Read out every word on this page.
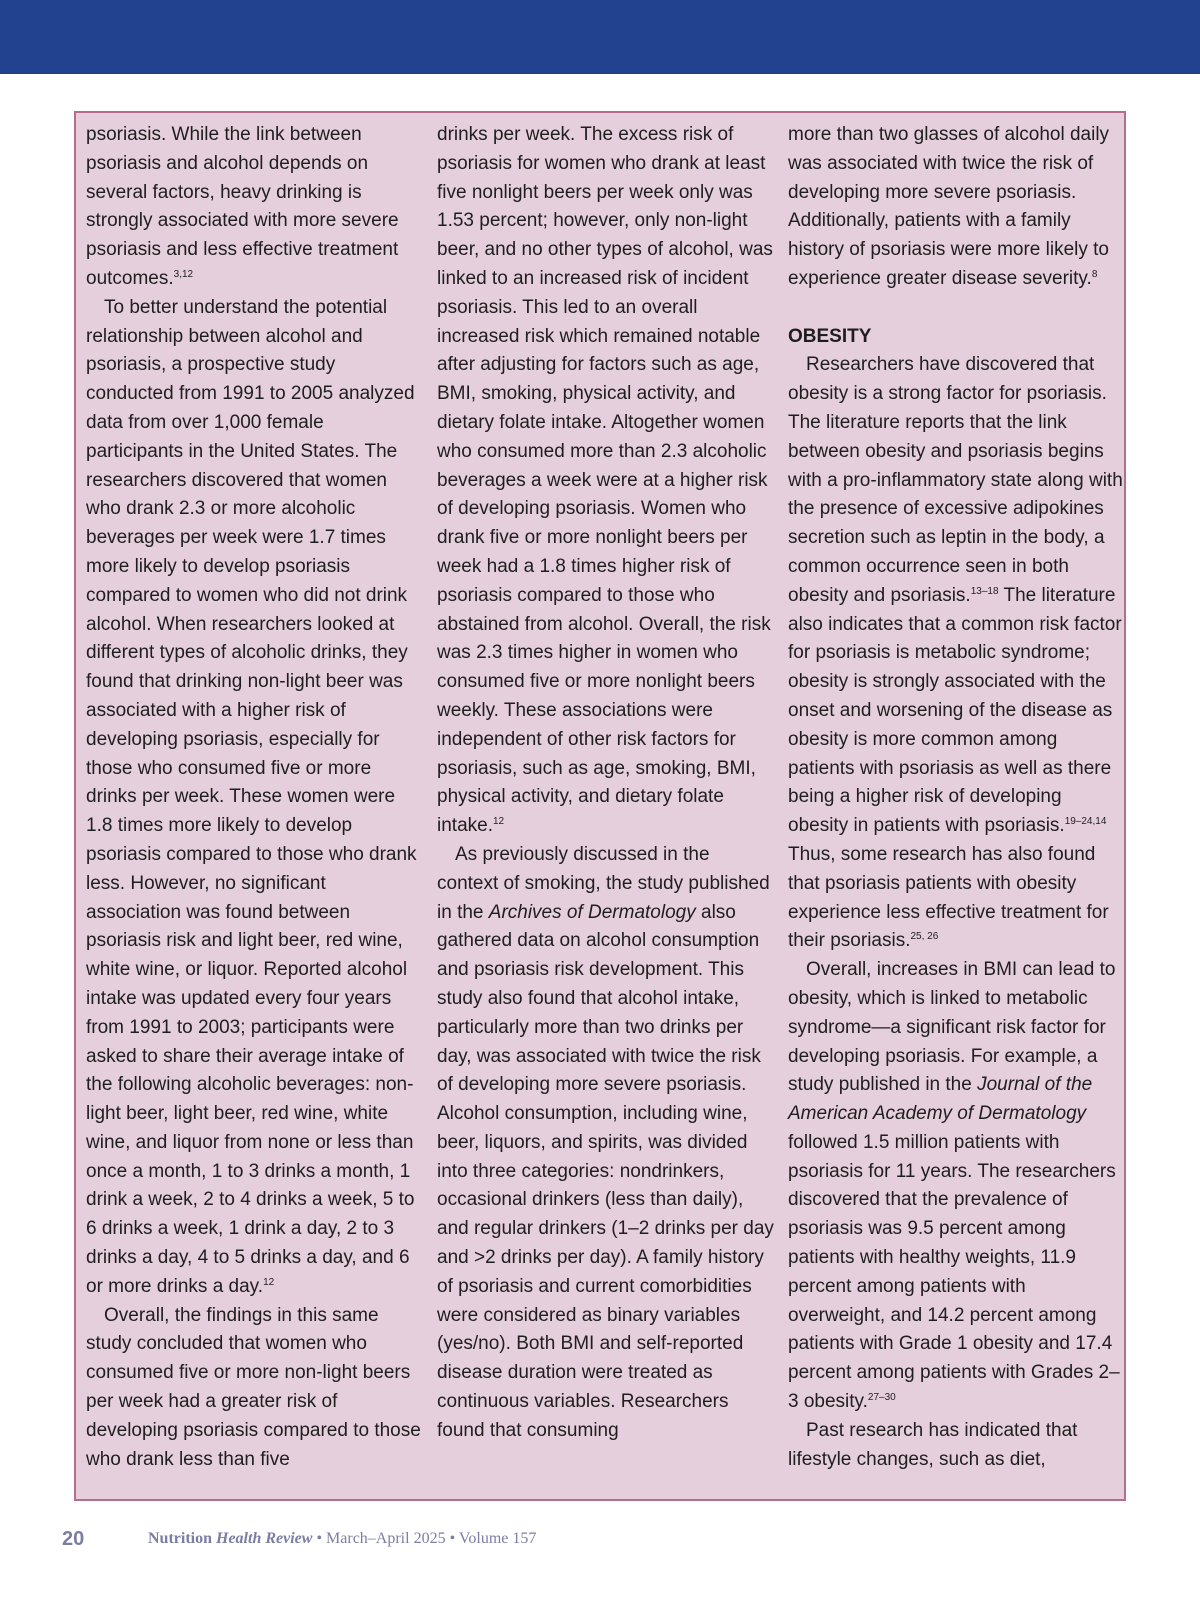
psoriasis. While the link between psoriasis and alcohol depends on several factors, heavy drinking is strongly associated with more severe psoriasis and less effective treatment outcomes.$^{3,12}$

To better understand the potential relationship between alcohol and psoriasis, a prospective study conducted from 1991 to 2005 analyzed data from over 1,000 female participants in the United States. The researchers discovered that women who drank 2.3 or more alcoholic beverages per week were 1.7 times more likely to develop psoriasis compared to women who did not drink alcohol. When researchers looked at different types of alcoholic drinks, they found that drinking non-light beer was associated with a higher risk of developing psoriasis, especially for those who consumed five or more drinks per week. These women were 1.8 times more likely to develop psoriasis compared to those who drank less. However, no significant association was found between psoriasis risk and light beer, red wine, white wine, or liquor. Reported alcohol intake was updated every four years from 1991 to 2003; participants were asked to share their average intake of the following alcoholic beverages: non-light beer, light beer, red wine, white wine, and liquor from none or less than once a month, 1 to 3 drinks a month, 1 drink a week, 2 to 4 drinks a week, 5 to 6 drinks a week, 1 drink a day, 2 to 3 drinks a day, 4 to 5 drinks a day, and 6 or more drinks a day.$^{12}$

Overall, the findings in this same study concluded that women who consumed five or more non-light beers per week had a greater risk of developing psoriasis compared to those who drank less than five

drinks per week. The excess risk of psoriasis for women who drank at least five nonlight beers per week only was 1.53 percent; however, only non-light beer, and no other types of alcohol, was linked to an increased risk of incident psoriasis. This led to an overall increased risk which remained notable after adjusting for factors such as age, BMI, smoking, physical activity, and dietary folate intake. Altogether women who consumed more than 2.3 alcoholic beverages a week were at a higher risk of developing psoriasis. Women who drank five or more nonlight beers per week had a 1.8 times higher risk of psoriasis compared to those who abstained from alcohol. Overall, the risk was 2.3 times higher in women who consumed five or more nonlight beers weekly. These associations were independent of other risk factors for psoriasis, such as age, smoking, BMI, physical activity, and dietary folate intake.$^{12}$

As previously discussed in the context of smoking, the study published in the Archives of Dermatology also gathered data on alcohol consumption and psoriasis risk development. This study also found that alcohol intake, particularly more than two drinks per day, was associated with twice the risk of developing more severe psoriasis. Alcohol consumption, including wine, beer, liquors, and spirits, was divided into three categories: nondrinkers, occasional drinkers (less than daily), and regular drinkers (1–2 drinks per day and >2 drinks per day). A family history of psoriasis and current comorbidities were considered as binary variables (yes/no). Both BMI and self-reported disease duration were treated as continuous variables. Researchers found that consuming

more than two glasses of alcohol daily was associated with twice the risk of developing more severe psoriasis. Additionally, patients with a family history of psoriasis were more likely to experience greater disease severity.$^8$

OBESITY

Researchers have discovered that obesity is a strong factor for psoriasis. The literature reports that the link between obesity and psoriasis begins with a pro-inflammatory state along with the presence of excessive adipokines secretion such as leptin in the body, a common occurrence seen in both obesity and psoriasis.$^{13-18}$ The literature also indicates that a common risk factor for psoriasis is metabolic syndrome; obesity is strongly associated with the onset and worsening of the disease as obesity is more common among patients with psoriasis as well as there being a higher risk of developing obesity in patients with psoriasis.$^{19-24,14}$ Thus, some research has also found that psoriasis patients with obesity experience less effective treatment for their psoriasis.$^{25, 26}$

Overall, increases in BMI can lead to obesity, which is linked to metabolic syndrome—a significant risk factor for developing psoriasis. For example, a study published in the Journal of the American Academy of Dermatology followed 1.5 million patients with psoriasis for 11 years. The researchers discovered that the prevalence of psoriasis was 9.5 percent among patients with healthy weights, 11.9 percent among patients with overweight, and 14.2 percent among patients with Grade 1 obesity and 17.4 percent among patients with Grades 2–3 obesity.$^{27-30}$

Past research has indicated that lifestyle changes, such as diet,

20	Nutrition Health Review • March–April 2025 • Volume 157
